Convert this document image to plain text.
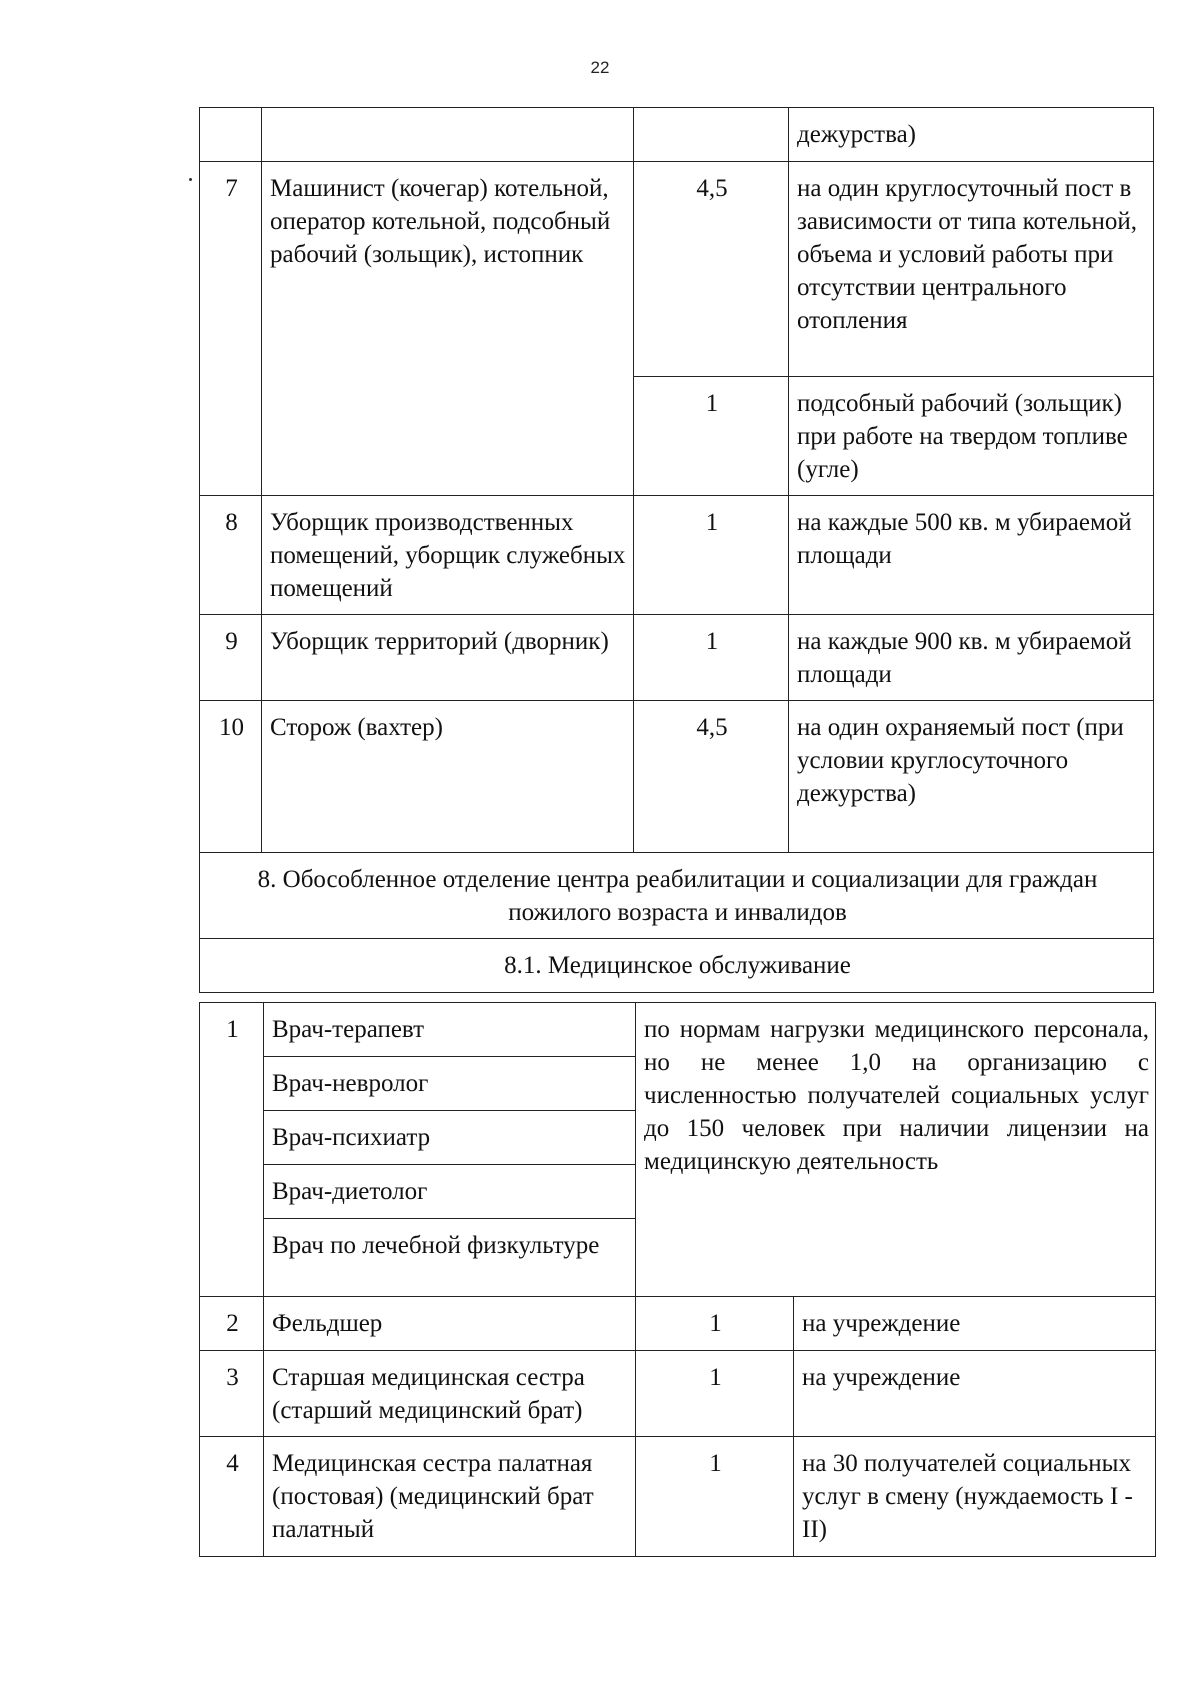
22
			дежурства)
7	Машинист (кочегар) котельной, оператор котельной, подсобный рабочий (зольщик), истопник	4,5	на один круглосуточный пост в зависимости от типа котельной, объема и условий работы при отсутствии центрального отопления
		1	подсобный рабочий (зольщик) при работе на твердом топливе (угле)
8	Уборщик производственных помещений, уборщик служебных помещений	1	на каждые 500 кв. м убираемой площади
9	Уборщик территорий (дворник)	1	на каждые 900 кв. м убираемой площади
10	Сторож (вахтер)	4,5	на один охраняемый пост (при условии круглосуточного дежурства)
8. Обособленное отделение центра реабилитации и социализации для граждан пожилого возраста и инвалидов			
8.1. Медицинское обслуживание			
1	Врач-терапевт
Врач-невролог
Врач-психиатр
Врач-диетолог
Врач по лечебной физкультуре	по нормам нагрузки медицинского персонала, но не менее 1,0 на организацию с численностью получателей социальных услуг до 150 человек при наличии лицензии на медицинскую деятельность	
2	Фельдшер	1	на учреждение
3	Старшая медицинская сестра (старший медицинский брат)	1	на учреждение
4	Медицинская сестра палатная (постовая) (медицинский брат палатный	1	на 30 получателей социальных услуг в смену (нуждаемость I - II)
